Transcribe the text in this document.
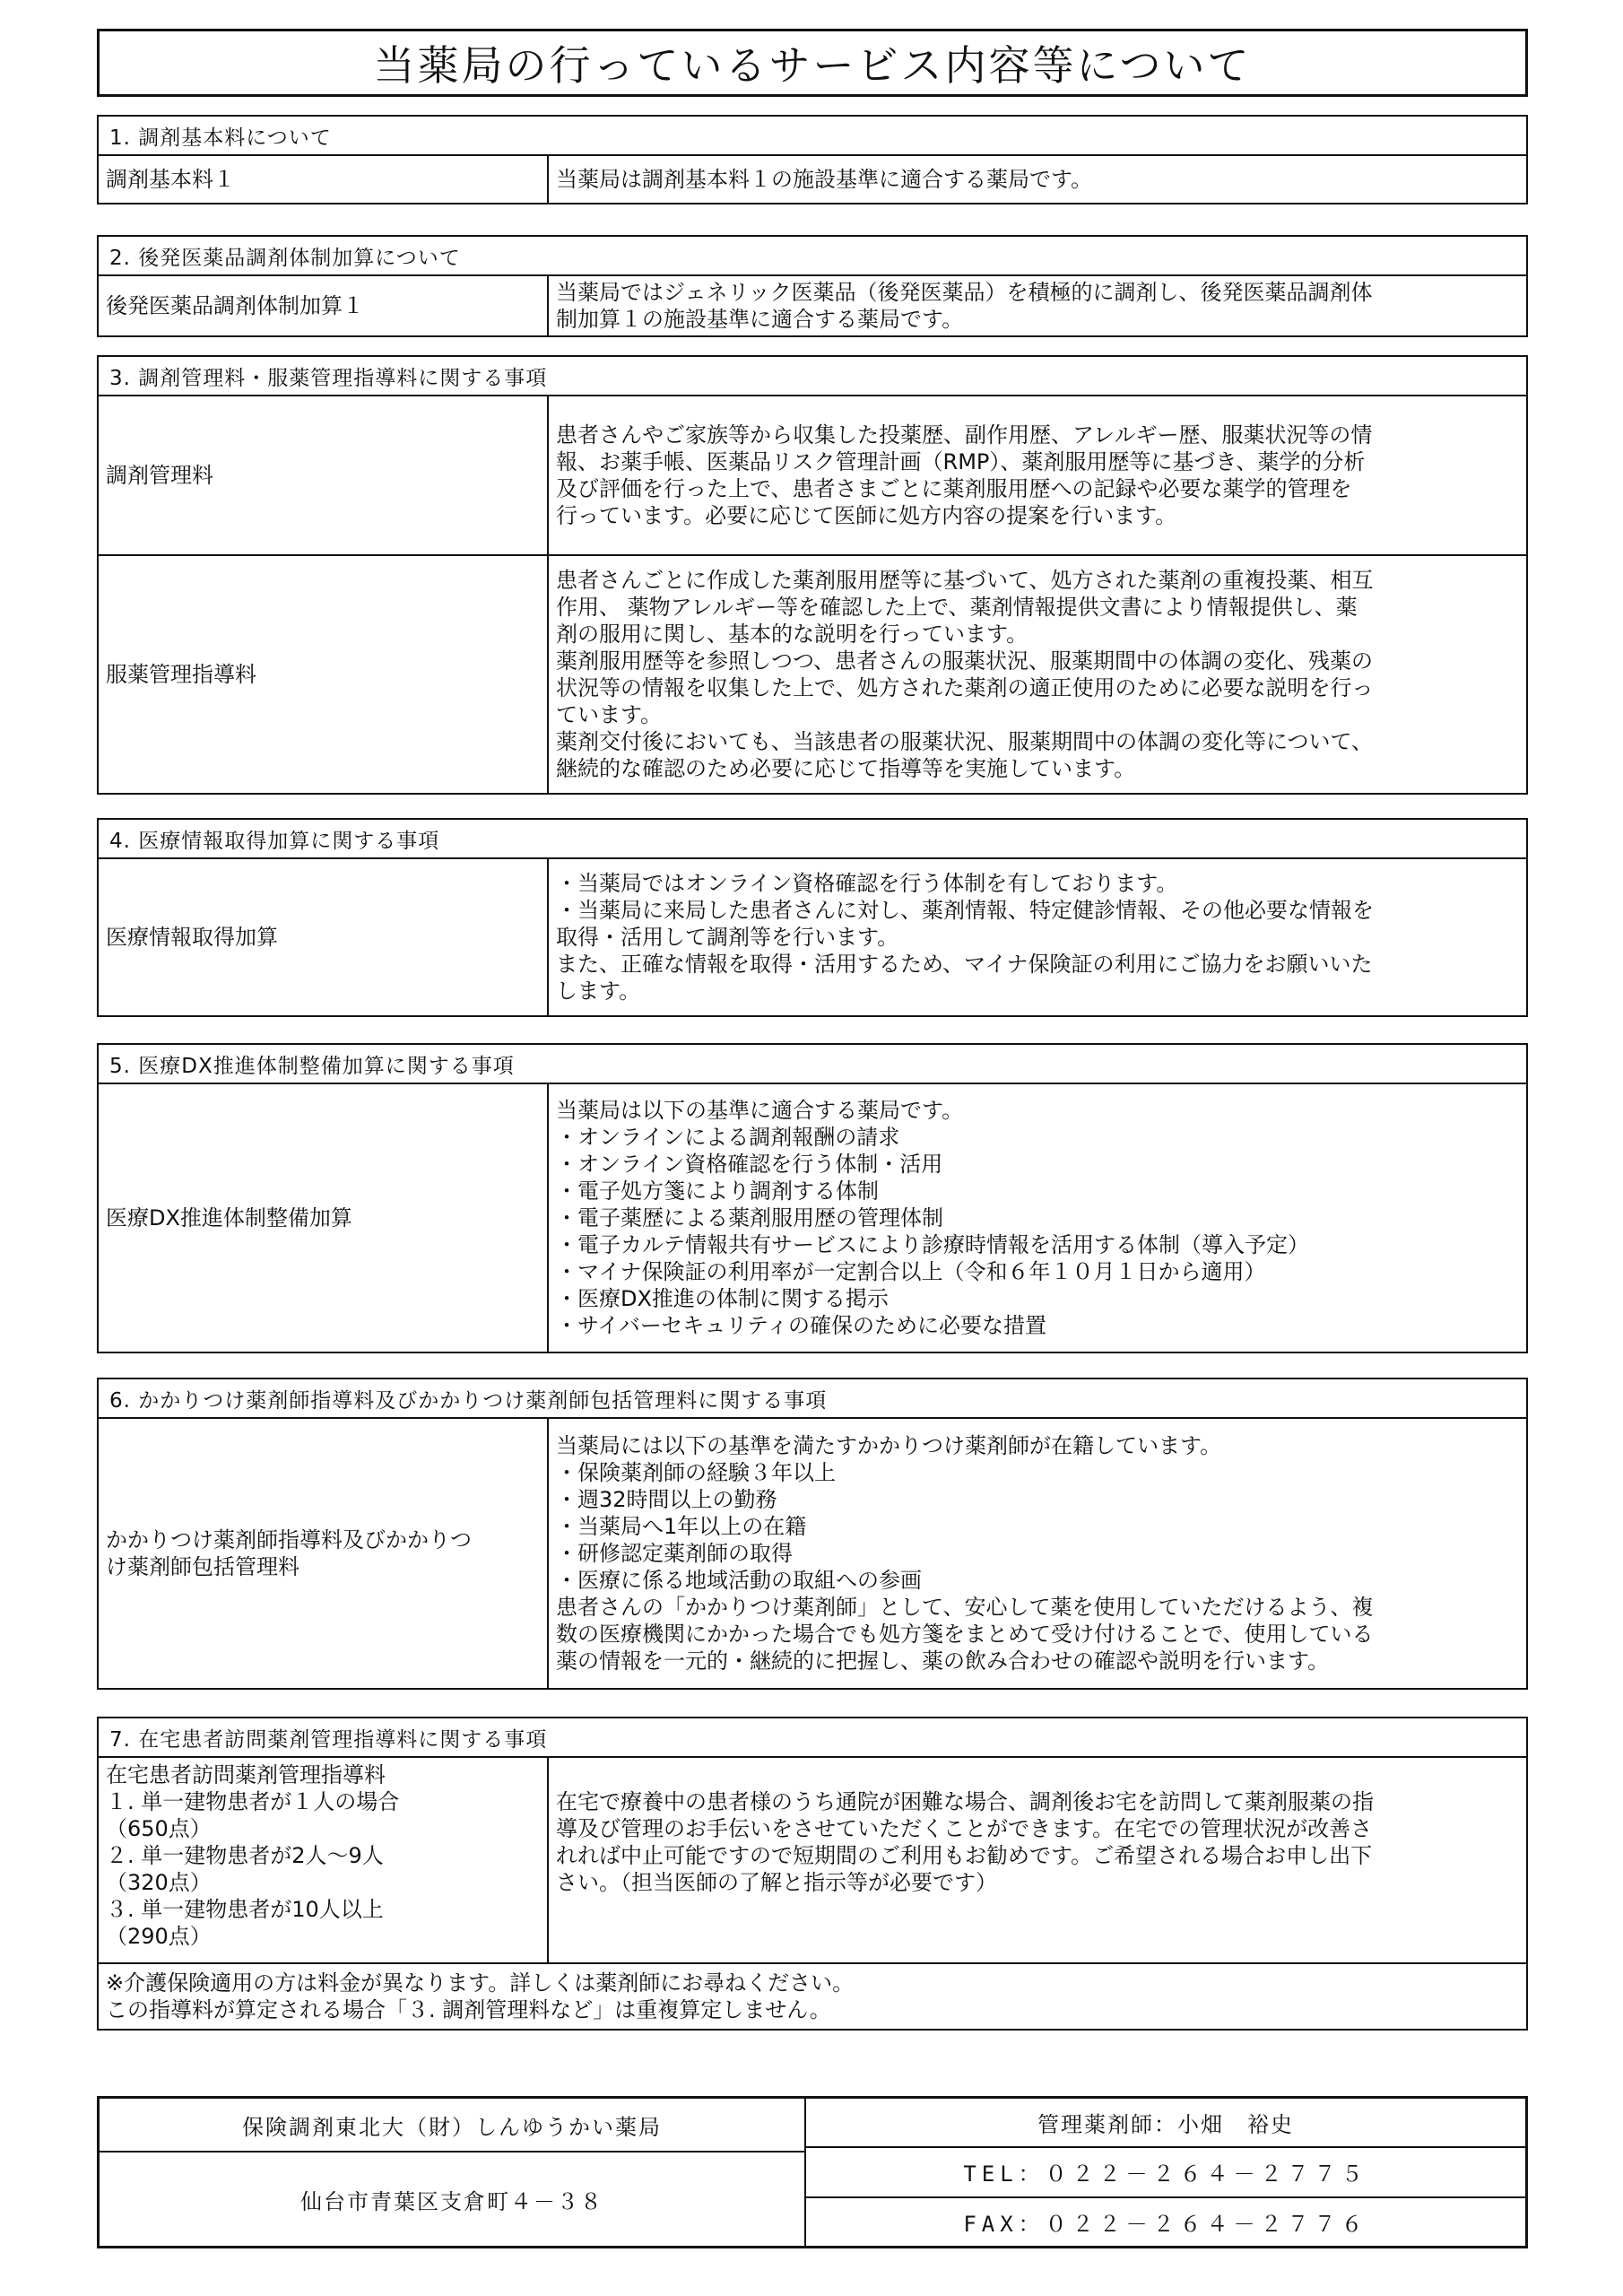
当薬局の行っているサービス内容等について
1. 調剤基本料について
調剤基本料１	当薬局は調剤基本料１の施設基準に適合する薬局です。
2. 後発医薬品調剤体制加算について
後発医薬品調剤体制加算１
当薬局ではジェネリック医薬品（後発医薬品）を積極的に調剤し、後発医薬品調剤体
制加算１の施設基準に適合する薬局です。
3. 調剤管理料・服薬管理指導料に関する事項
調剤管理料
患者さんやご家族等から収集した投薬歴、副作用歴、アレルギー歴、服薬状況等の情
報、お薬手帳、医薬品リスク管理計画（RMP）、薬剤服用歴等に基づき、薬学的分析
及び評価を行った上で、患者さまごとに薬剤服用歴への記録や必要な薬学的管理を
行っています。必要に応じて医師に処方内容の提案を行います。
服薬管理指導料
患者さんごとに作成した薬剤服用歴等に基づいて、処方された薬剤の重複投薬、相互
作用、 薬物アレルギー等を確認した上で、薬剤情報提供文書により情報提供し、薬
剤の服用に関し、基本的な説明を行っています。
薬剤服用歴等を参照しつつ、患者さんの服薬状況、服薬期間中の体調の変化、残薬の
状況等の情報を収集した上で、処方された薬剤の適正使用のために必要な説明を行っ
ています。
薬剤交付後においても、当該患者の服薬状況、服薬期間中の体調の変化等について、
継続的な確認のため必要に応じて指導等を実施しています。
4. 医療情報取得加算に関する事項
医療情報取得加算
・当薬局ではオンライン資格確認を行う体制を有しております。
・当薬局に来局した患者さんに対し、薬剤情報、特定健診情報、その他必要な情報を
取得・活用して調剤等を行います。
また、正確な情報を取得・活用するため、マイナ保険証の利用にご協力をお願いいた
します。
5. 医療DX推進体制整備加算に関する事項
医療DX推進体制整備加算
当薬局は以下の基準に適合する薬局です。
・オンラインによる調剤報酬の請求
・オンライン資格確認を行う体制・活用
・電子処方箋により調剤する体制
・電子薬歴による薬剤服用歴の管理体制
・電子カルテ情報共有サービスにより診療時情報を活用する体制（導入予定）
・マイナ保険証の利用率が一定割合以上（令和６年１０月１日から適用）
・医療DX推進の体制に関する掲示
・サイバーセキュリティの確保のために必要な措置
6. かかりつけ薬剤師指導料及びかかりつけ薬剤師包括管理料に関する事項
かかりつけ薬剤師指導料及びかかりつ
け薬剤師包括管理料
当薬局には以下の基準を満たすかかりつけ薬剤師が在籍しています。
・保険薬剤師の経験３年以上
・週32時間以上の勤務
・当薬局へ1年以上の在籍
・研修認定薬剤師の取得
・医療に係る地域活動の取組への参画
患者さんの「かかりつけ薬剤師」として、安心して薬を使用していただけるよう、複
数の医療機関にかかった場合でも処方箋をまとめて受け付けることで、使用している
薬の情報を一元的・継続的に把握し、薬の飲み合わせの確認や説明を行います。
7. 在宅患者訪問薬剤管理指導料に関する事項
在宅患者訪問薬剤管理指導料
１. 単一建物患者が１人の場合
（650点）
２. 単一建物患者が2人〜9人
（320点）
３. 単一建物患者が10人以上
（290点）
在宅で療養中の患者様のうち通院が困難な場合、調剤後お宅を訪問して薬剤服薬の指
導及び管理のお手伝いをさせていただくことができます。在宅での管理状況が改善さ
れれば中止可能ですので短期間のご利用もお勧めです。ご希望される場合お申し出下
さい。（担当医師の了解と指示等が必要です）
※介護保険適用の方は料金が異なります。詳しくは薬剤師にお尋ねください。
この指導料が算定される場合「３. 調剤管理料など」は重複算定しません。
保険調剤東北大（財）しんゆうかい薬局
仙台市青葉区支倉町４－３８
管理薬剤師：小畑　裕史
TEL：０２２－２６４－２７７５
FAX：０２２－２６４－２７７６
